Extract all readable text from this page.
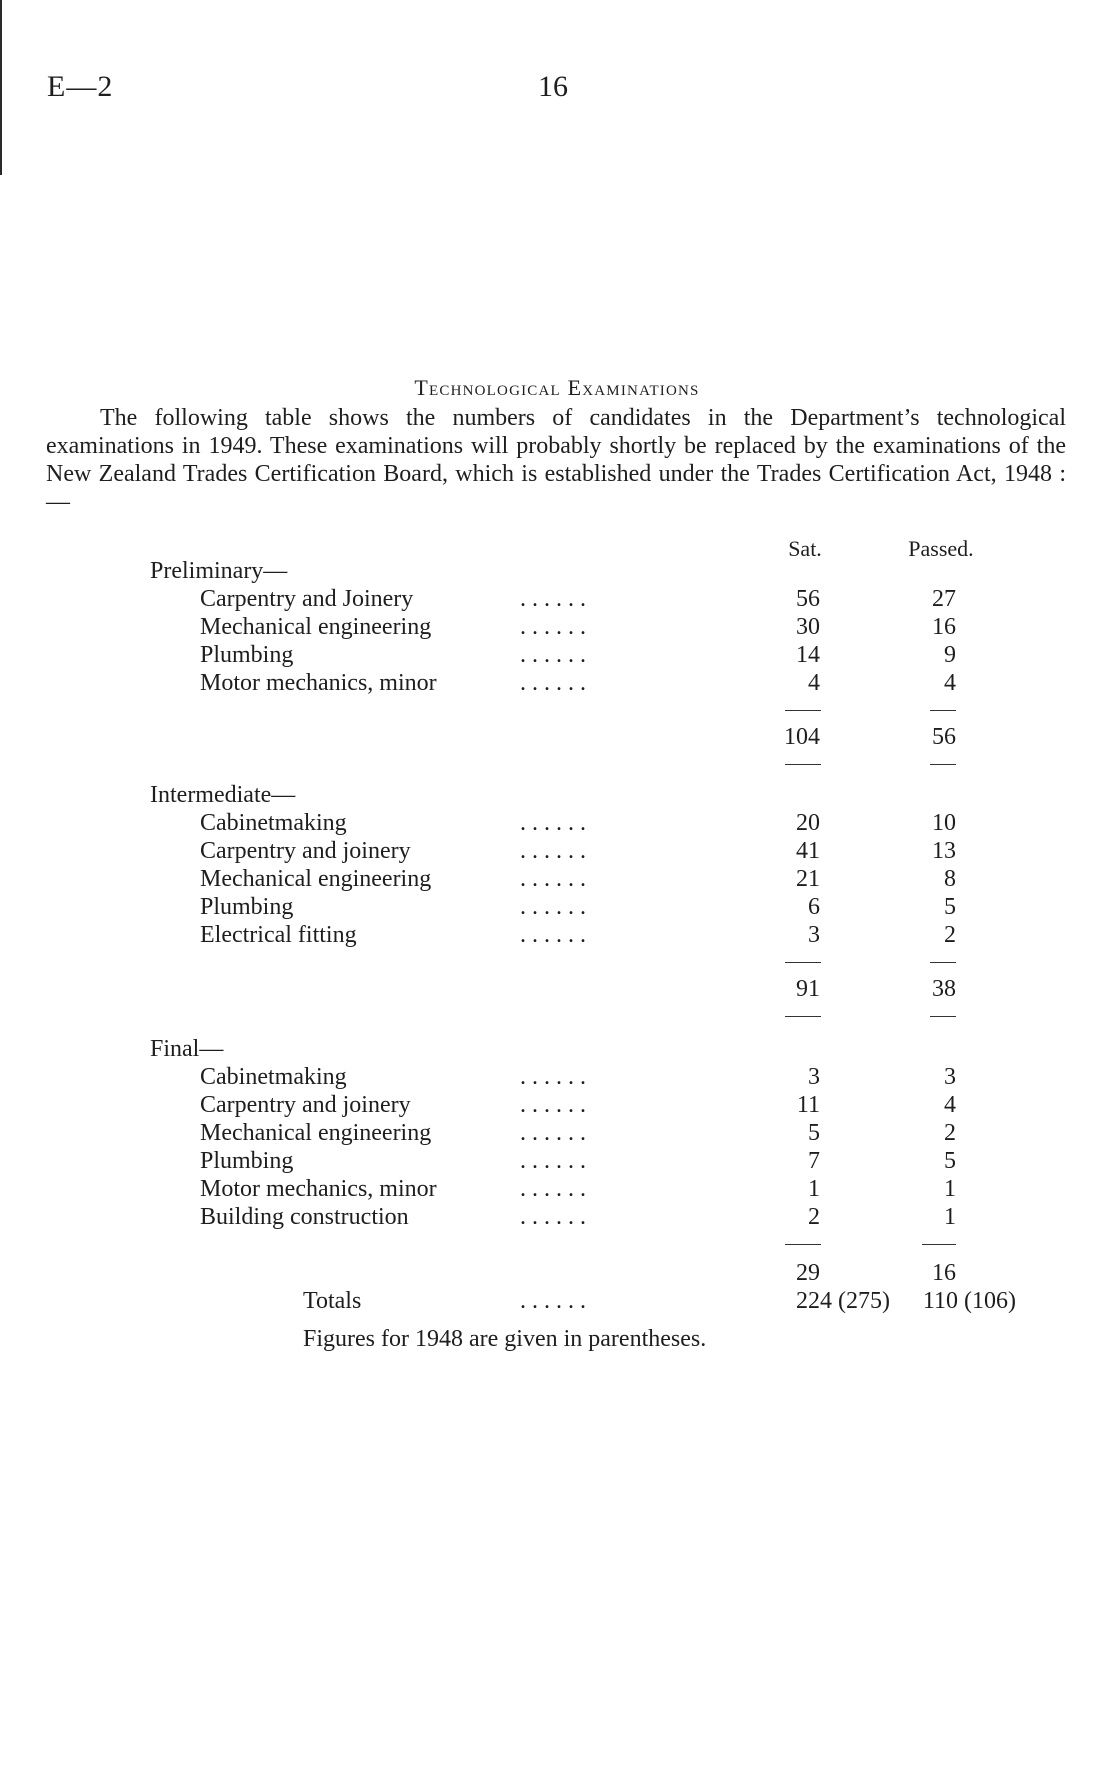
E—2	16
Technological Examinations
The following table shows the numbers of candidates in the Department’s technological examinations in 1949. These examinations will probably shortly be replaced by the examinations of the New Zealand Trades Certification Board, which is established under the Trades Certification Act, 1948 :—
Sat.	Passed.
Preliminary—
Carpentry and Joinery	. . . . . .	56	27
Mechanical engineering	. . . . . .	30	16
Plumbing	. . . . . .	14	9
Motor mechanics, minor	. . . . . .	4	4
104	56
Intermediate—
Cabinetmaking	. . . . . .	20	10
Carpentry and joinery	. . . . . .	41	13
Mechanical engineering	. . . . . .	21	8
Plumbing	. . . . . .	6	5
Electrical fitting	. . . . . .	3	2
91	38
Final—
Cabinetmaking	. . . . . .	3	3
Carpentry and joinery	. . . . . .	11	4
Mechanical engineering	. . . . . .	5	2
Plumbing	. . . . . .	7	5
Motor mechanics, minor	. . . . . .	1	1
Building construction	. . . . . .	2	1
29	16
Totals	. . . . . .	224 (275)	110 (106)
Figures for 1948 are given in parentheses.
